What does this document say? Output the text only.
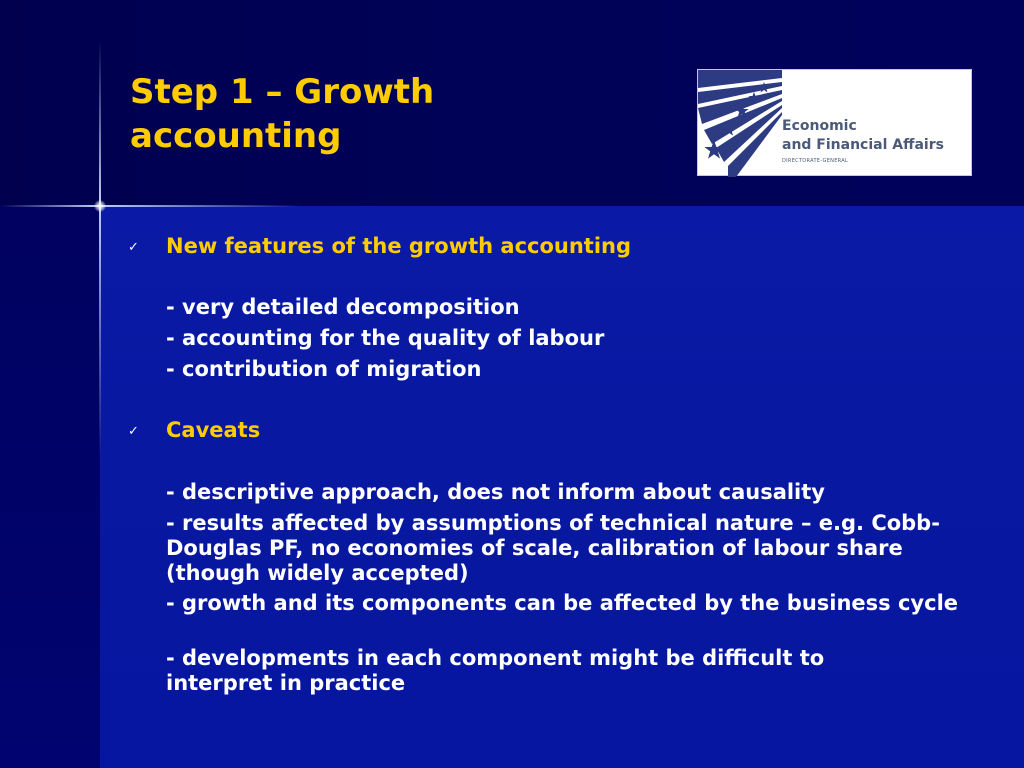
Step 1 – Growth
accounting	Economic
and Financial Affairs
DIRECTORATE-GENERAL
✓ New features of the growth accounting
- very detailed decomposition
- accounting for the quality of labour
- contribution of migration
✓ Caveats
- descriptive approach, does not inform about causality
- results affected by assumptions of technical nature – e.g. Cobb-Douglas PF, no economies of scale, calibration of labour share (though widely accepted)
- growth and its components can be affected by the business cycle
- developments in each component might be difficult to interpret in practice
